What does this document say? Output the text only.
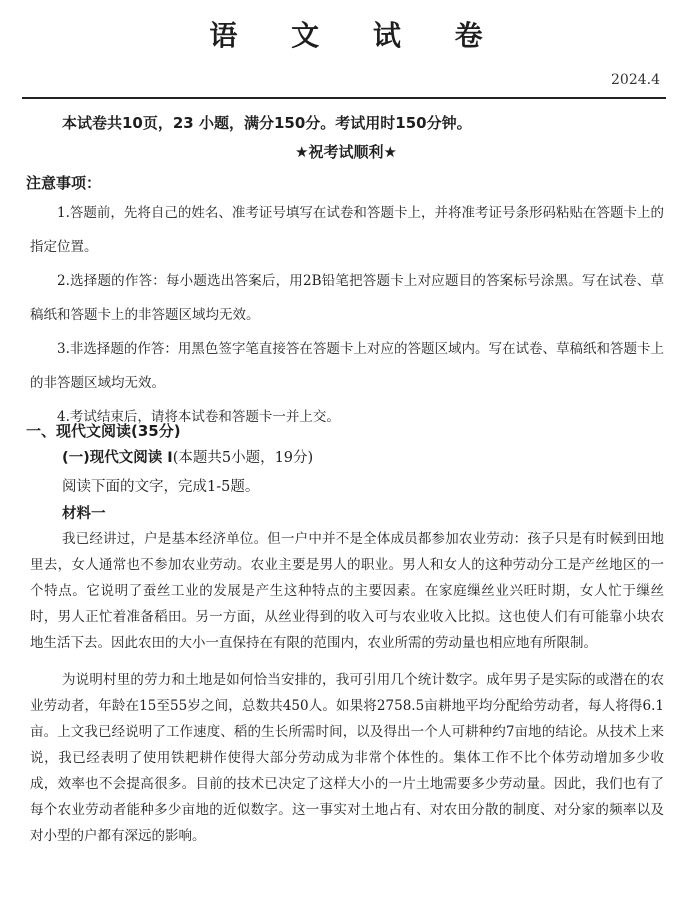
语 文 试 卷
2024.4
本试卷共10页，23 小题，满分150分。考试用时150分钟。
★祝考试顺利★
注意事项：

1.答题前，先将自己的姓名、准考证号填写在试卷和答题卡上，并将准考证号条形码粘贴在答题卡上的指定位置。

2.选择题的作答：每小题选出答案后，用2B铅笔把答题卡上对应题目的答案标号涂黑。写在试卷、草稿纸和答题卡上的非答题区域均无效。

3.非选择题的作答：用黑色签字笔直接答在答题卡上对应的答题区域内。写在试卷、草稿纸和答题卡上的非答题区域均无效。

4.考试结束后，请将本试卷和答题卡一并上交。

一、现代文阅读(35分)
(一)现代文阅读 I(本题共5小题，19分)
阅读下面的文字，完成1-5题。
材料一

我已经讲过，户是基本经济单位。但一户中并不是全体成员都参加农业劳动：孩子只是有时候到田地里去，女人通常也不参加农业劳动。农业主要是男人的职业。男人和女人的这种劳动分工是产丝地区的一个特点。它说明了蚕丝工业的发展是产生这种特点的主要因素。在家庭缫丝业兴旺时期，女人忙于缫丝时，男人正忙着准备稻田。另一方面，从丝业得到的收入可与农业收入比拟。这也使人们有可能靠小块农地生活下去。因此农田的大小一直保持在有限的范围内，农业所需的劳动量也相应地有所限制。

为说明村里的劳力和土地是如何恰当安排的，我可引用几个统计数字。成年男子是实际的或潜在的农业劳动者，年龄在15至55岁之间，总数共450人。如果将2758.5亩耕地平均分配给劳动者，每人将得6.1亩。上文我已经说明了工作速度、稻的生长所需时间，以及得出一个人可耕种约7亩地的结论。从技术上来说，我已经表明了使用铁耙耕作使得大部分劳动成为非常个体性的。集体工作不比个体劳动增加多少收成，效率也不会提高很多。目前的技术已决定了这样大小的一片土地需要多少劳动量。因此，我们也有了每个农业劳动者能种多少亩地的近似数字。这一事实对土地占有、对农田分散的制度、对分家的频率以及对小型的户都有深远的影响。
